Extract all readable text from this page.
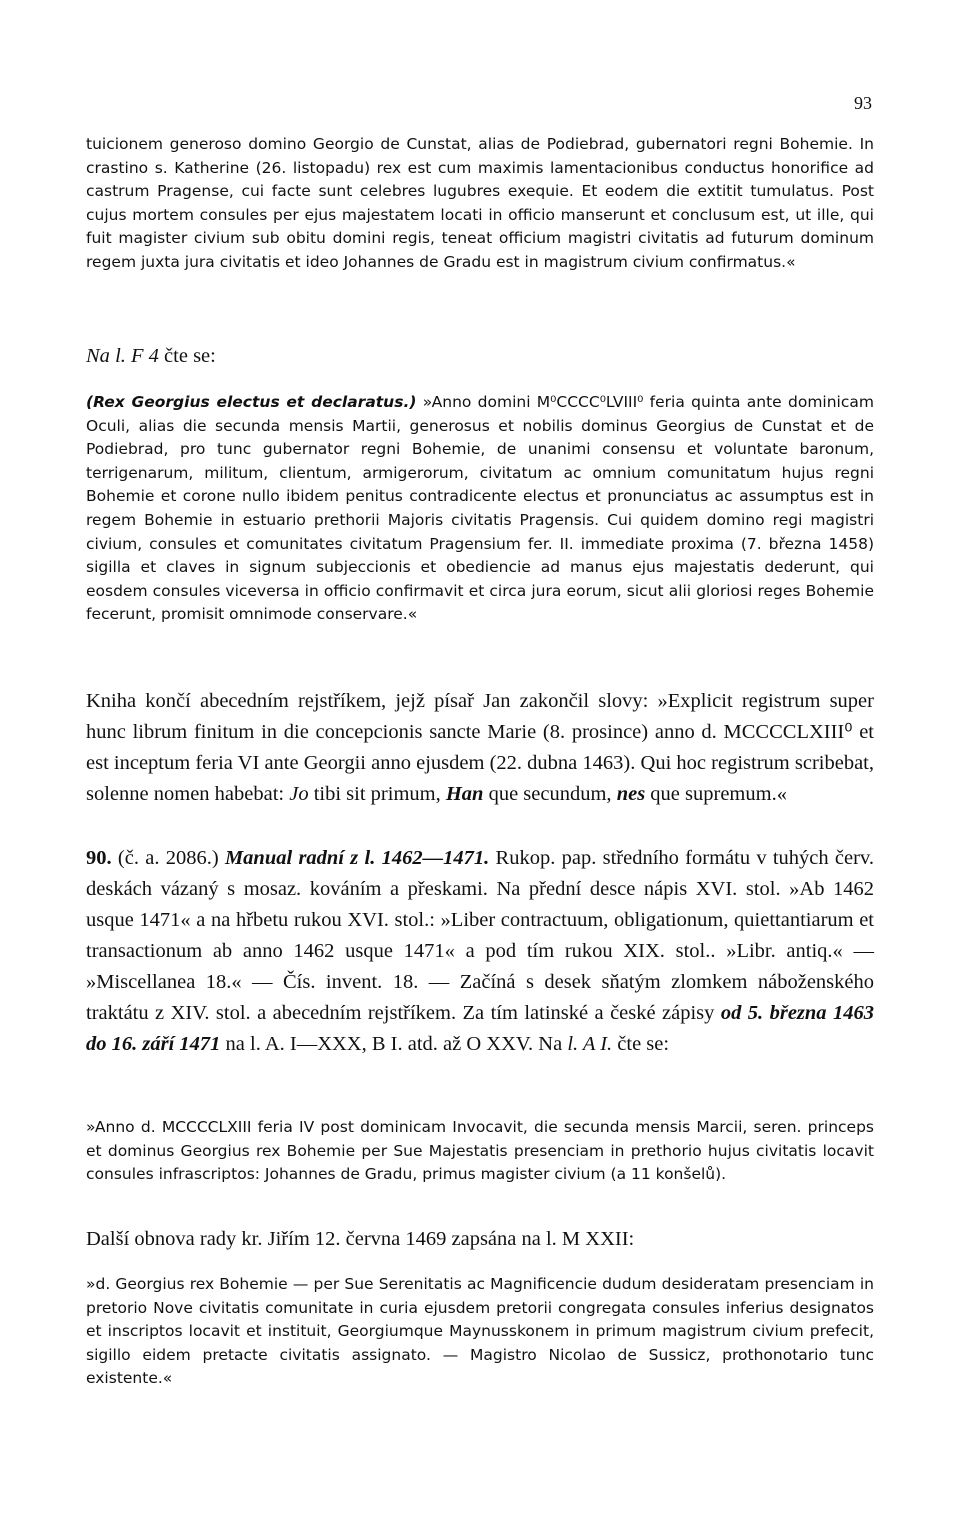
93

tuicionem generoso domino Georgio de Cunstat, alias de Podiebrad, gubernatori regni Bohemie. In crastino s. Katherine (26. listopadu) rex est cum maximis lamentacionibus conductus honorifice ad castrum Pragense, cui facte sunt celebres lugubres exequie. Et eodem die extitit tumulatus. Post cujus mortem consules per ejus majestatem locati in officio manserunt et conclusum est, ut ille, qui fuit magister civium sub obitu domini regis, teneat officium magistri civitatis ad futurum dominum regem juxta jura civitatis et ideo Johannes de Gradu est in magistrum civium confirmatus.«

Na l. F 4 čte se:

(Rex Georgius electus et declaratus.) »Anno domini M⁰CCCC⁰LVIII⁰ feria quinta ante dominicam Oculi, alias die secunda mensis Martii, generosus et nobilis dominus Georgius de Cunstat et de Podiebrad, pro tunc gubernator regni Bohemie, de unanimi consensu et voluntate baronum, terrigenarum, militum, clientum, armigerorum, civitatum ac omnium comunitatum hujus regni Bohemie et corone nullo ibidem penitus contradicente electus et pronunciatus ac assumptus est in regem Bohemie in estuario prethorii Majoris civitatis Pragensis. Cui quidem domino regi magistri civium, consules et comunitates civitatum Pragensium fer. II. immediate proxima (7. března 1458) sigilla et claves in signum subjeccionis et obediencie ad manus ejus majestatis dederunt, qui eosdem consules viceversa in officio confirmavit et circa jura eorum, sicut alii gloriosi reges Bohemie fecerunt, promisit omnimode conservare.«

Kniha končí abecedním rejstříkem, jejž písař Jan zakončil slovy: »Explicit registrum super hunc librum finitum in die concepcionis sancte Marie (8. prosince) anno d. MCCCCLXIII⁰ et est inceptum feria VI ante Georgii anno ejusdem (22. dubna 1463). Qui hoc registrum scribebat, solenne nomen habebat: Jo tibi sit primum, Han que secundum, nes que supremum.«

90. (č. a. 2086.) Manual radní z l. 1462—1471. Rukop. pap. středního formátu v tuhých červ. deskách vázaný s mosaz. kováním a přeskami. Na přední desce nápis XVI. stol. »Ab 1462 usque 1471« a na hřbetu rukou XVI. stol.: »Liber contractuum, obligationum, quiettantiarum et transactionum ab anno 1462 usque 1471« a pod tím rukou XIX. stol.. »Libr. antiq.« — »Miscellanea 18.« — Čís. invent. 18. — Začíná s desek sňatým zlomkem náboženského traktátu z XIV. stol. a abecedním rejstříkem. Za tím latinské a české zápisy od 5. března 1463 do 16. září 1471 na l. A. I—XXX, B I. atd. až O XXV. Na l. A I. čte se:

»Anno d. MCCCCLXIII feria IV post dominicam Invocavit, die secunda mensis Marcii, seren. princeps et dominus Georgius rex Bohemie per Sue Majestatis presenciam in prethorio hujus civitatis locavit consules infrascriptos: Johannes de Gradu, primus magister civium (a 11 konšelů).

Další obnova rady kr. Jiřím 12. června 1469 zapsána na l. M XXII:

»d. Georgius rex Bohemie — per Sue Serenitatis ac Magnificencie dudum desideratam presenciam in pretorio Nove civitatis comunitate in curia ejusdem pretorii congregata consules inferius designatos et inscriptos locavit et instituit, Georgiumque Maynusskonem in primum magistrum civium prefecit, sigillo eidem pretacte civitatis assignato. — Magistro Nicolao de Sussicz, prothonotario tunc existente.«
